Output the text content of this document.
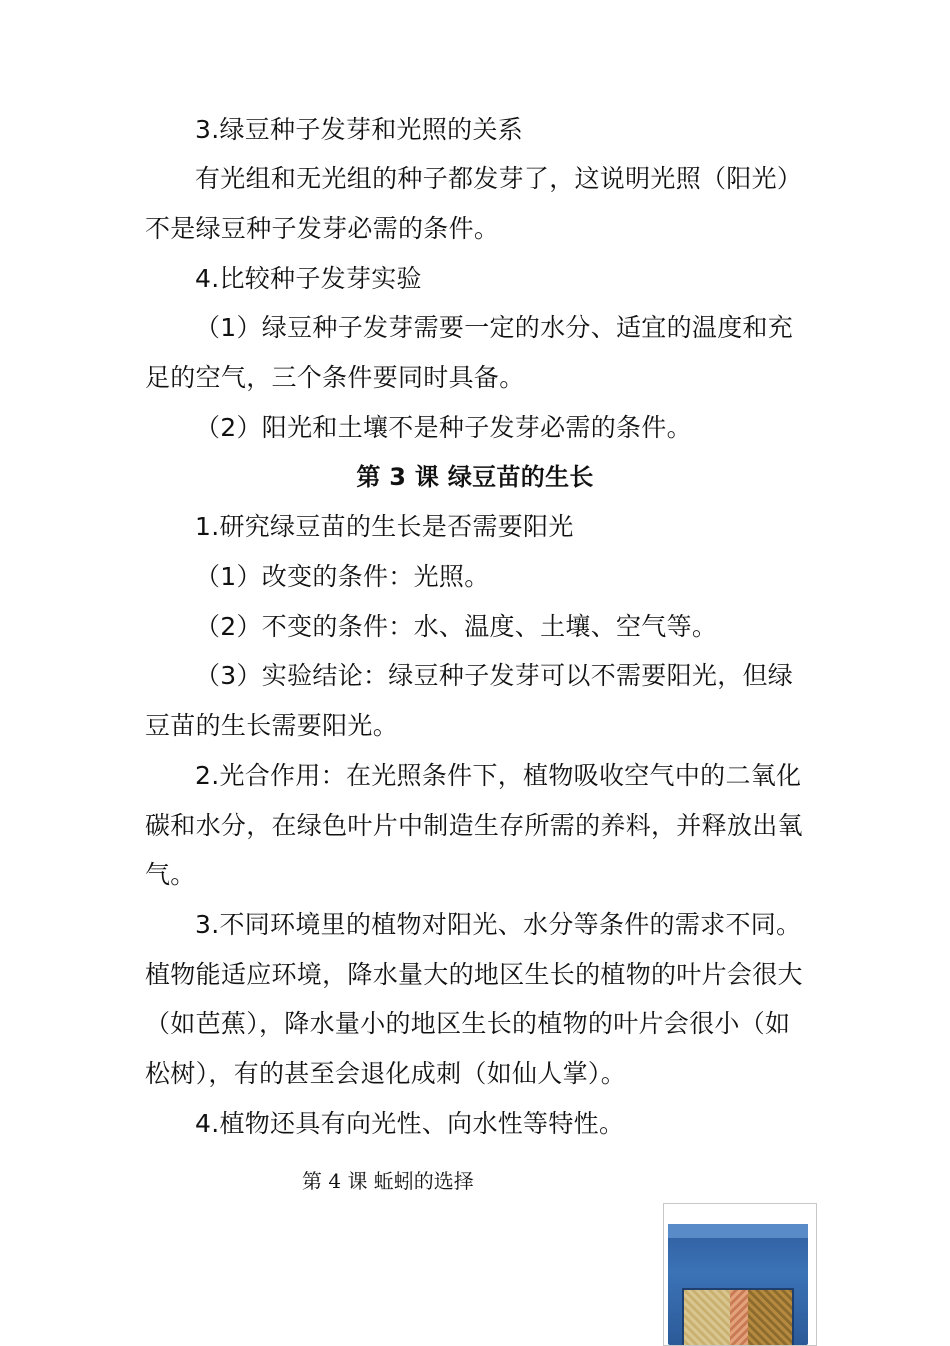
3.绿豆种子发芽和光照的关系
有光组和无光组的种子都发芽了，这说明光照（阳光）
不是绿豆种子发芽必需的条件。
4.比较种子发芽实验
（1）绿豆种子发芽需要一定的水分、适宜的温度和充
足的空气，三个条件要同时具备。
（2）阳光和土壤不是种子发芽必需的条件。
第 3 课 绿豆苗的生长
1.研究绿豆苗的生长是否需要阳光
（1）改变的条件：光照。
（2）不变的条件：水、温度、土壤、空气等。
（3）实验结论：绿豆种子发芽可以不需要阳光，但绿
豆苗的生长需要阳光。
2.光合作用：在光照条件下，植物吸收空气中的二氧化
碳和水分，在绿色叶片中制造生存所需的养料，并释放出氧
气。
3.不同环境里的植物对阳光、水分等条件的需求不同。
植物能适应环境，降水量大的地区生长的植物的叶片会很大
（如芭蕉），降水量小的地区生长的植物的叶片会很小（如
松树），有的甚至会退化成刺（如仙人掌）。
4.植物还具有向光性、向水性等特性。
第 4 课 蚯蚓的选择
